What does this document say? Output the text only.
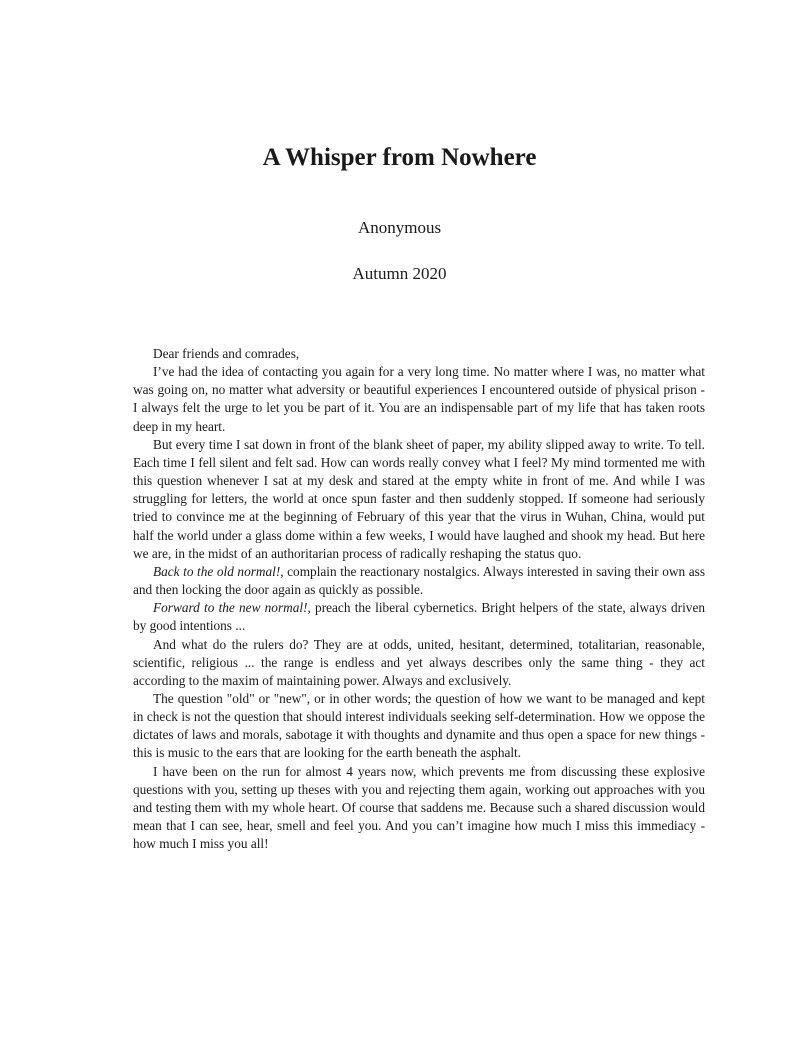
A Whisper from Nowhere
Anonymous
Autumn 2020

Dear friends and comrades,

I’ve had the idea of contacting you again for a very long time. No matter where I was, no matter what was going on, no matter what adversity or beautiful experiences I encountered outside of physical prison - I always felt the urge to let you be part of it. You are an indispensable part of my life that has taken roots deep in my heart.

But every time I sat down in front of the blank sheet of paper, my ability slipped away to write. To tell. Each time I fell silent and felt sad. How can words really convey what I feel? My mind tormented me with this question whenever I sat at my desk and stared at the empty white in front of me. And while I was struggling for letters, the world at once spun faster and then suddenly stopped. If someone had seriously tried to convince me at the beginning of February of this year that the virus in Wuhan, China, would put half the world under a glass dome within a few weeks, I would have laughed and shook my head. But here we are, in the midst of an authoritarian process of radically reshaping the status quo.

Back to the old normal!, complain the reactionary nostalgics. Always interested in saving their own ass and then locking the door again as quickly as possible.

Forward to the new normal!, preach the liberal cybernetics. Bright helpers of the state, always driven by good intentions ...

And what do the rulers do? They are at odds, united, hesitant, determined, totalitarian, reasonable, scientific, religious ... the range is endless and yet always describes only the same thing - they act according to the maxim of maintaining power. Always and exclusively.

The question "old" or "new", or in other words; the question of how we want to be managed and kept in check is not the question that should interest individuals seeking self-determination. How we oppose the dictates of laws and morals, sabotage it with thoughts and dynamite and thus open a space for new things - this is music to the ears that are looking for the earth beneath the asphalt.

I have been on the run for almost 4 years now, which prevents me from discussing these explosive questions with you, setting up theses with you and rejecting them again, working out approaches with you and testing them with my whole heart. Of course that saddens me. Because such a shared discussion would mean that I can see, hear, smell and feel you. And you can’t imagine how much I miss this immediacy - how much I miss you all!
